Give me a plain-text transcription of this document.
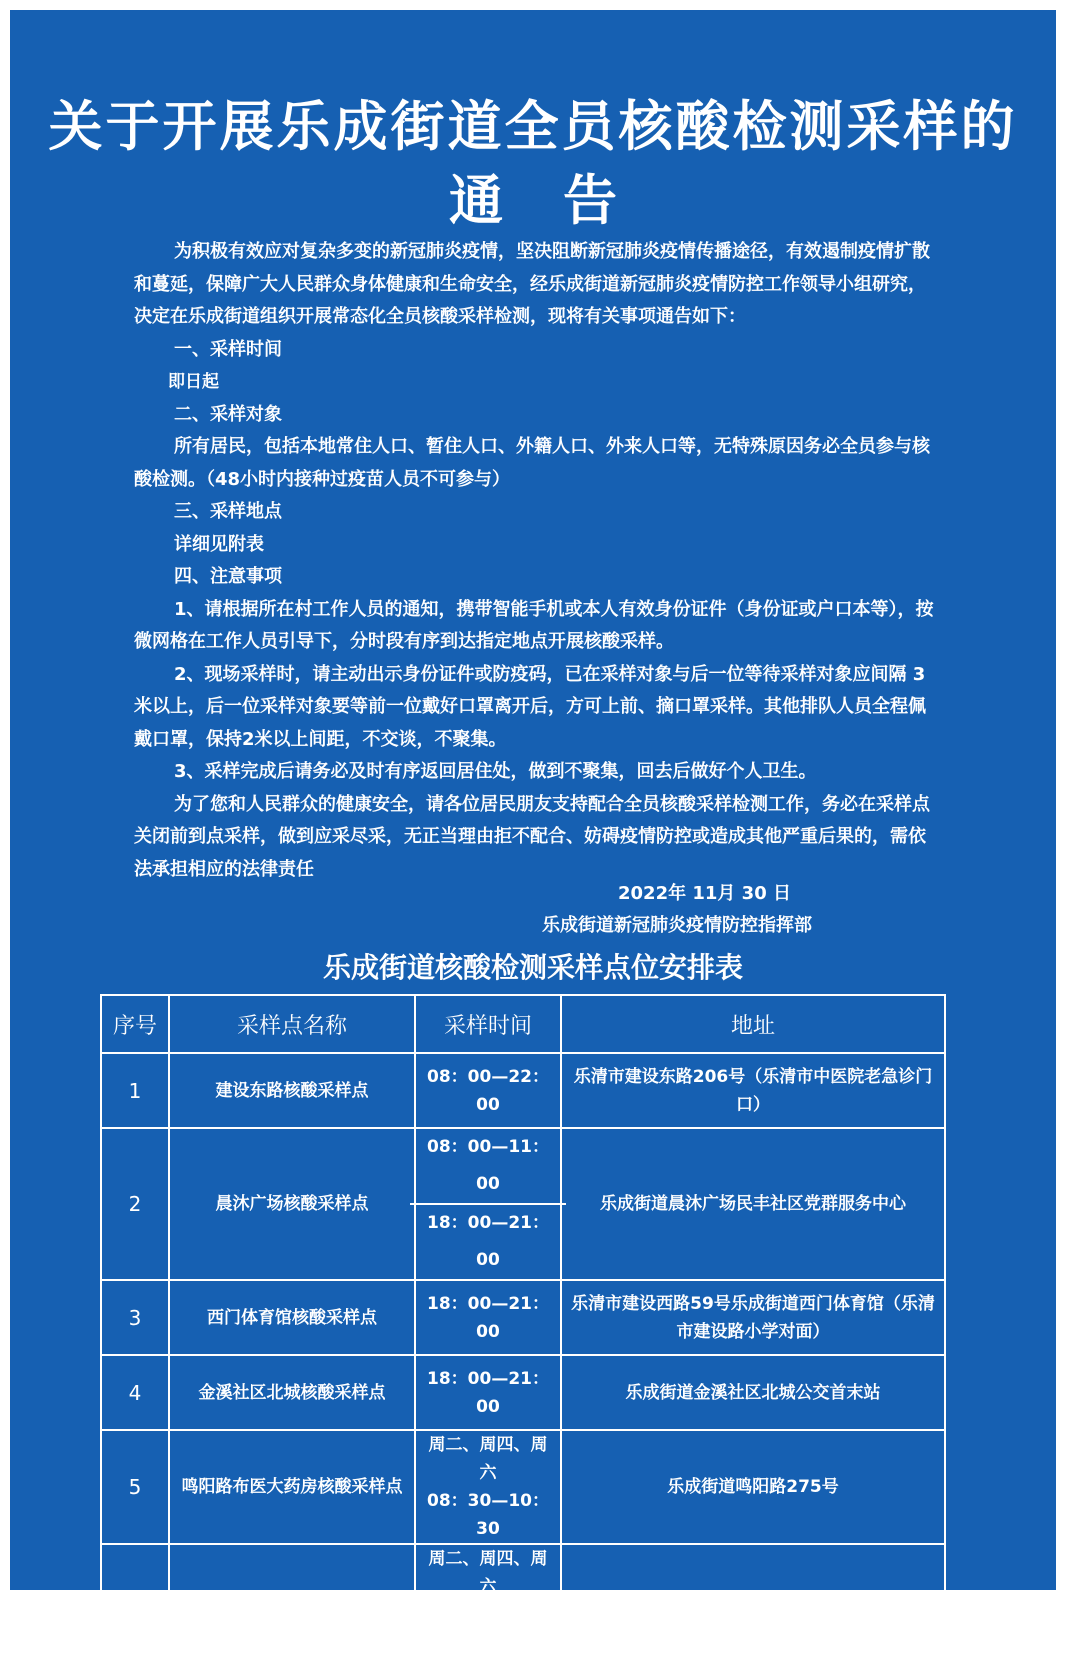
关于开展乐成街道全员核酸检测采样的
通告

为积极有效应对复杂多变的新冠肺炎疫情，坚决阻断新冠肺炎疫情传播途径，有效遏制疫情扩散和蔓延，保障广大人民群众身体健康和生命安全，经乐成街道新冠肺炎疫情防控工作领导小组研究，决定在乐成街道组织开展常态化全员核酸采样检测，现将有关事项通告如下：

一、采样时间
即日起
二、采样对象

所有居民，包括本地常住人口、暂住人口、外籍人口、外来人口等，无特殊原因务必全员参与核酸检测。（48小时内接种过疫苗人员不可参与）

三、采样地点
详细见附表
四、注意事项

1、请根据所在村工作人员的通知，携带智能手机或本人有效身份证件（身份证或户口本等），按微网格在工作人员引导下，分时段有序到达指定地点开展核酸采样。

2、现场采样时，请主动出示身份证件或防疫码，已在采样对象与后一位等待采样对象应间隔 3 米以上，后一位采样对象要等前一位戴好口罩离开后，方可上前、摘口罩采样。其他排队人员全程佩戴口罩，保持2米以上间距，不交谈，不聚集。

3、采样完成后请务必及时有序返回居住处，做到不聚集，回去后做好个人卫生。

为了您和人民群众的健康安全，请各位居民朋友支持配合全员核酸采样检测工作，务必在采样点关闭前到点采样，做到应采尽采，无正当理由拒不配合、妨碍疫情防控或造成其他严重后果的，需依法承担相应的法律责任

2022年 11月 30 日
乐成街道新冠肺炎疫情防控指挥部
乐成街道核酸检测采样点位安排表
序号	采样点名称	采样时间	地址
1	建设东路核酸采样点	08：00—22：00	乐清市建设东路206号（乐清市中医院老急诊门口）
2	晨沐广场核酸采样点	08：00—11：00
18：00—21：00	乐成街道晨沐广场民丰社区党群服务中心
3	西门体育馆核酸采样点	18：00—21：00	乐清市建设西路59号乐成街道西门体育馆（乐清市建设路小学对面）
4	金溪社区北城核酸采样点	18：00—21：00	乐成街道金溪社区北城公交首末站
5	鸣阳路布医大药房核酸采样点	周二、周四、周六
08：30—10：30	乐成街道鸣阳路275号
6	人民路布医大药房核酸采样点	周二、周四、周六
19：00—21：00	乐成街道南大街91-10、11号
